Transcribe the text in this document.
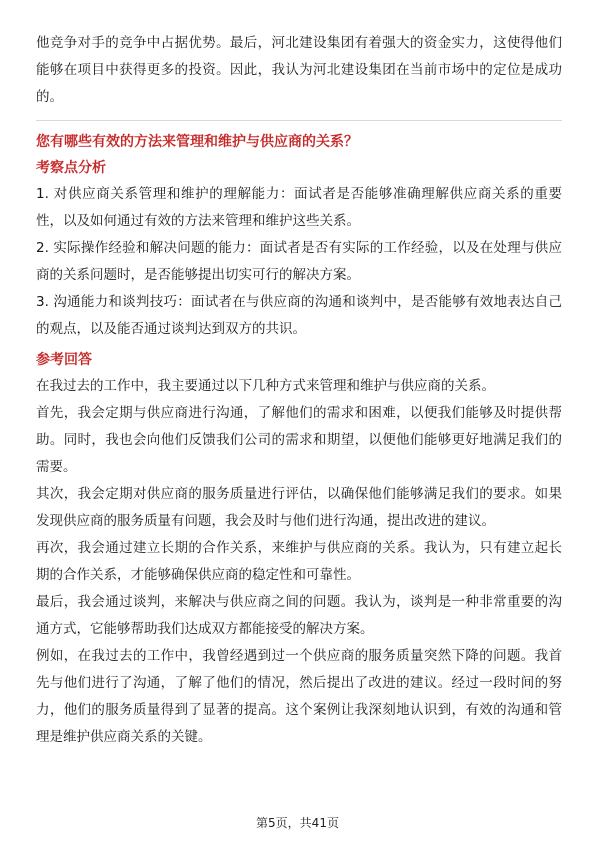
他竞争对手的竞争中占据优势。最后，河北建设集团有着强大的资金实力，这使得他们能够在项目中获得更多的投资。因此，我认为河北建设集团在当前市场中的定位是成功的。

您有哪些有效的方法来管理和维护与供应商的关系？

考察点分析

1. 对供应商关系管理和维护的理解能力：面试者是否能够准确理解供应商关系的重要性，以及如何通过有效的方法来管理和维护这些关系。

2. 实际操作经验和解决问题的能力：面试者是否有实际的工作经验，以及在处理与供应商的关系问题时，是否能够提出切实可行的解决方案。

3. 沟通能力和谈判技巧：面试者在与供应商的沟通和谈判中，是否能够有效地表达自己的观点，以及能否通过谈判达到双方的共识。

参考回答

在我过去的工作中，我主要通过以下几种方式来管理和维护与供应商的关系。

首先，我会定期与供应商进行沟通，了解他们的需求和困难，以便我们能够及时提供帮助。同时，我也会向他们反馈我们公司的需求和期望，以便他们能够更好地满足我们的需要。

其次，我会定期对供应商的服务质量进行评估，以确保他们能够满足我们的要求。如果发现供应商的服务质量有问题，我会及时与他们进行沟通，提出改进的建议。

再次，我会通过建立长期的合作关系，来维护与供应商的关系。我认为，只有建立起长期的合作关系，才能够确保供应商的稳定性和可靠性。

最后，我会通过谈判，来解决与供应商之间的问题。我认为，谈判是一种非常重要的沟通方式，它能够帮助我们达成双方都能接受的解决方案。

例如，在我过去的工作中，我曾经遇到过一个供应商的服务质量突然下降的问题。我首先与他们进行了沟通，了解了他们的情况，然后提出了改进的建议。经过一段时间的努力，他们的服务质量得到了显著的提高。这个案例让我深刻地认识到，有效的沟通和管理是维护供应商关系的关键。

第5页，共41页
